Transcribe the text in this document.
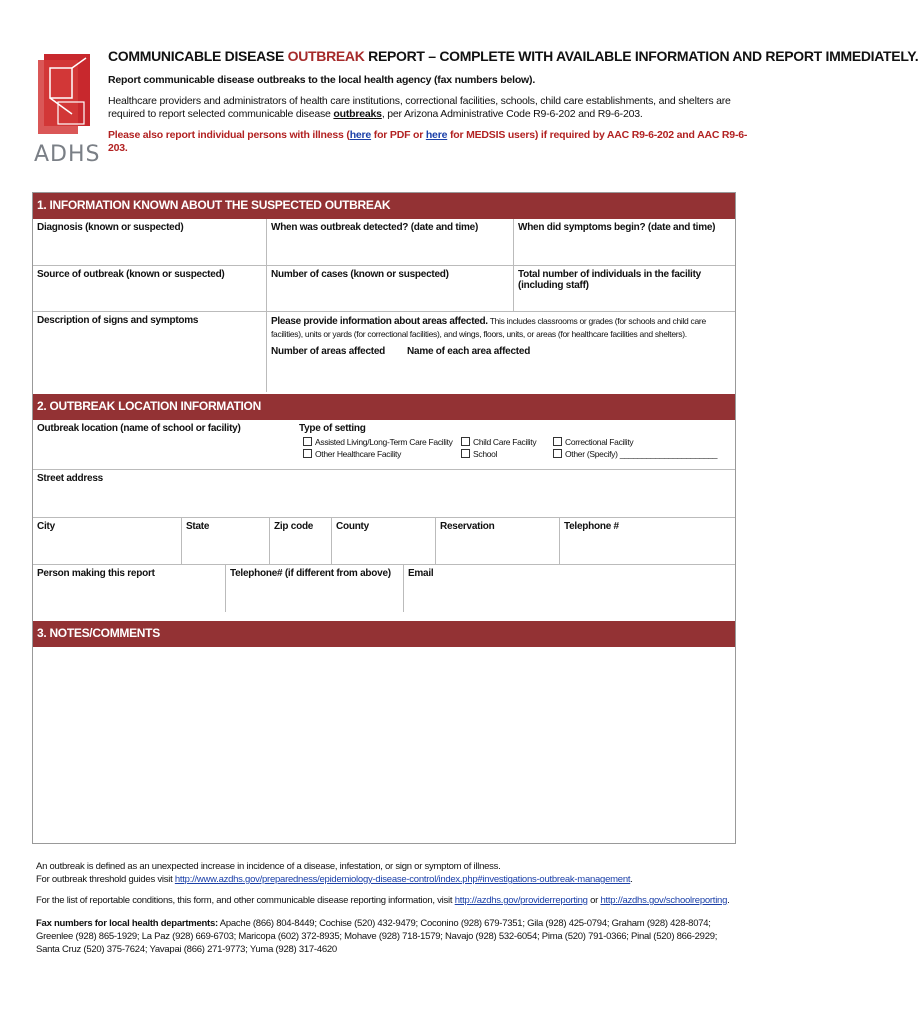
ADHS

COMMUNICABLE DISEASE OUTBREAK REPORT – COMPLETE WITH AVAILABLE INFORMATION AND REPORT IMMEDIATELY.

Report communicable disease outbreaks to the local health agency (fax numbers below).

Healthcare providers and administrators of health care institutions, correctional facilities, schools, child care establishments, and shelters are required to report selected communicable disease outbreaks, per Arizona Administrative Code R9-6-202 and R9-6-203.

Please also report individual persons with illness (here for PDF or here for MEDSIS users) if required by AAC R9-6-202 and AAC R9-6-203.

1. INFORMATION KNOWN ABOUT THE SUSPECTED OUTBREAK
Diagnosis (known or suspected)	When was outbreak detected? (date and time)	When did symptoms begin? (date and time)
Source of outbreak (known or suspected)	Number of cases (known or suspected)	Total number of individuals in the facility (including staff)
Description of signs and symptoms	Please provide information about areas affected. This includes classrooms or grades (for schools and child care facilities), units or yards (for correctional facilities), and wings, floors, units, or areas (for healthcare facilities and shelters).
Number of areas affected Name of each area affected
2. OUTBREAK LOCATION INFORMATION
Outbreak location (name of school or facility)	Type of setting
Assisted Living/Long-Term Care Facility
Other Healthcare Facility
Child Care Facility
School
Correctional Facility
Other (Specify) ______________________
Street address
City	State	Zip code	County	Reservation	Telephone #
Person making this report	Telephone# (if different from above)	Email
3. NOTES/COMMENTS

An outbreak is defined as an unexpected increase in incidence of a disease, infestation, or sign or symptom of illness.

For outbreak threshold guides visit http://www.azdhs.gov/preparedness/epidemiology-disease-control/index.php#investigations-outbreak-management.

For the list of reportable conditions, this form, and other communicable disease reporting information, visit http://azdhs.gov/providerreporting or http://azdhs.gov/schoolreporting.

Fax numbers for local health departments: Apache (866) 804-8449; Cochise (520) 432-9479; Coconino (928) 679-7351; Gila (928) 425-0794; Graham (928) 428-8074; Greenlee (928) 865-1929; La Paz (928) 669-6703; Maricopa (602) 372-8935; Mohave (928) 718-1579; Navajo (928) 532-6054; Pima (520) 791-0366; Pinal (520) 866-2929; Santa Cruz (520) 375-7624; Yavapai (866) 271-9773; Yuma (928) 317-4620
